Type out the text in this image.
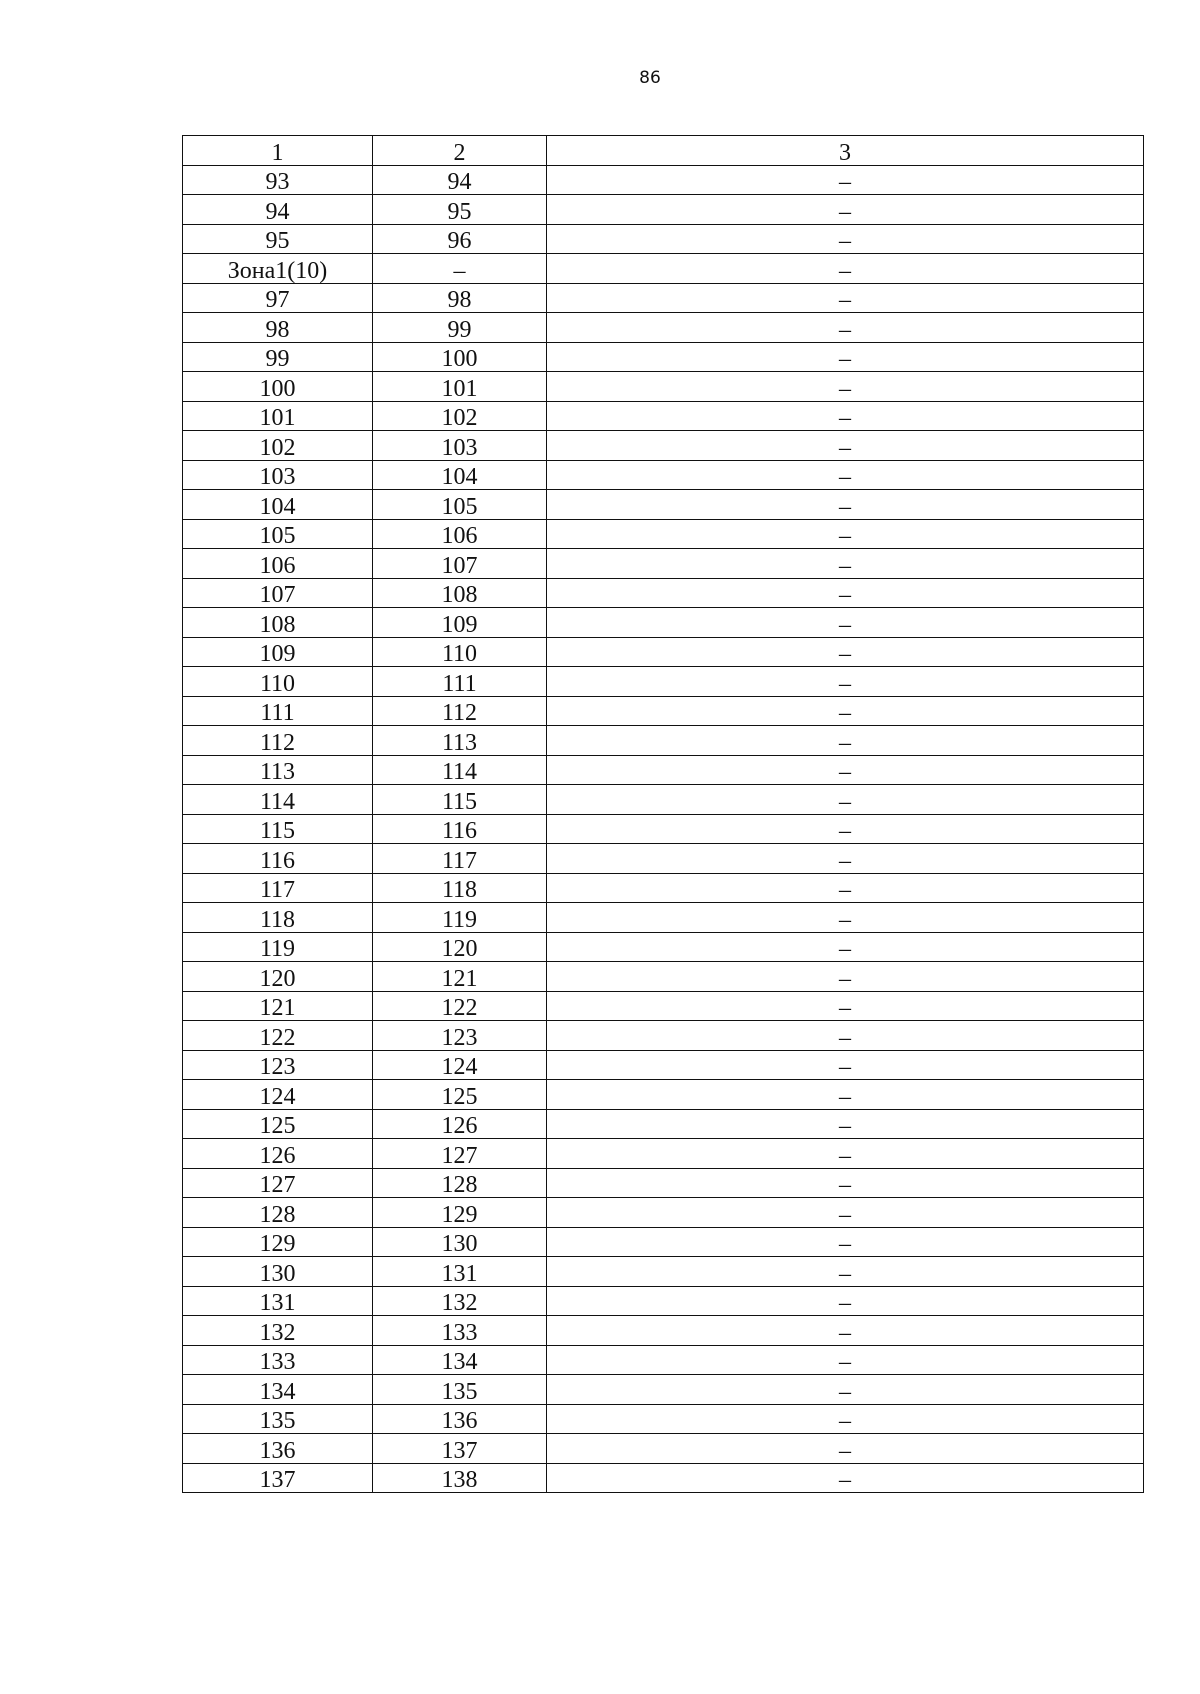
86
1	2	3
93	94	–
94	95	–
95	96	–
Зона1(10)	–	–
97	98	–
98	99	–
99	100	–
100	101	–
101	102	–
102	103	–
103	104	–
104	105	–
105	106	–
106	107	–
107	108	–
108	109	–
109	110	–
110	111	–
111	112	–
112	113	–
113	114	–
114	115	–
115	116	–
116	117	–
117	118	–
118	119	–
119	120	–
120	121	–
121	122	–
122	123	–
123	124	–
124	125	–
125	126	–
126	127	–
127	128	–
128	129	–
129	130	–
130	131	–
131	132	–
132	133	–
133	134	–
134	135	–
135	136	–
136	137	–
137	138	–
